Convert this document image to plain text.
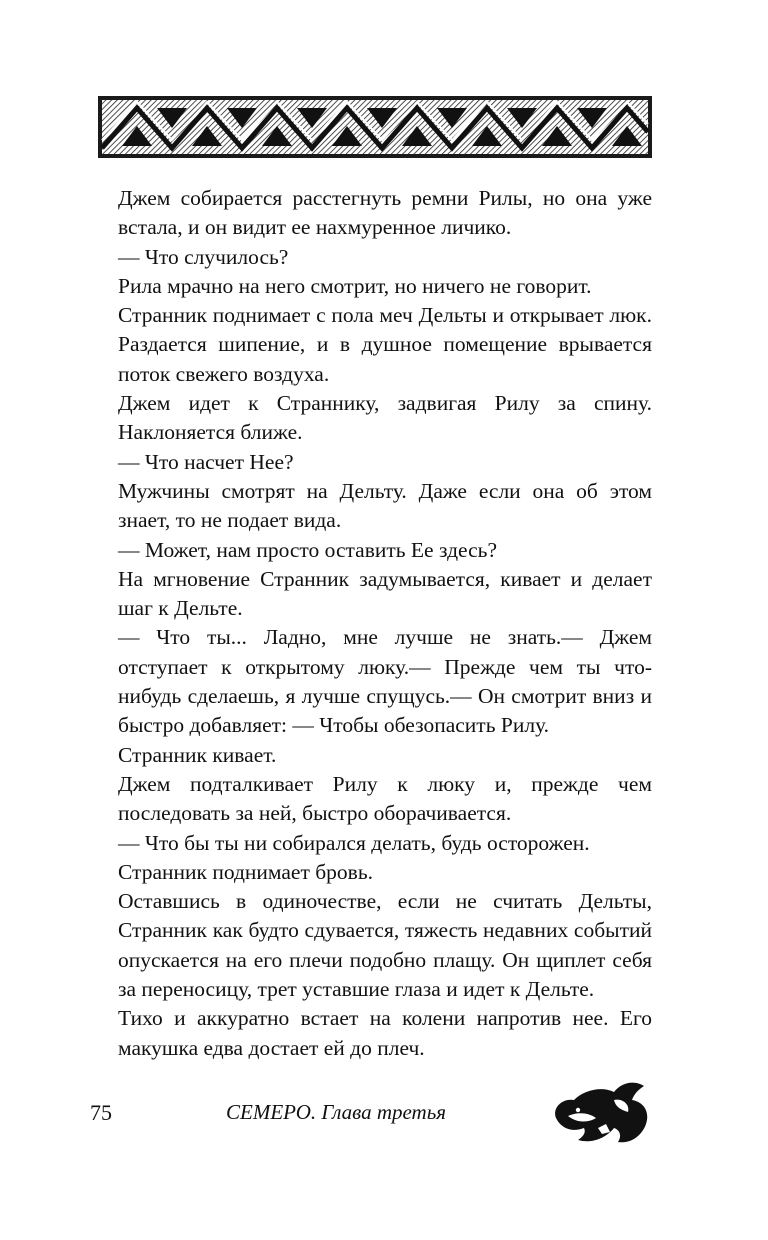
Джем собирается расстегнуть ремни Рилы, но она уже встала, и он видит ее нахмуренное личико.

— Что случилось?

Рила мрачно на него смотрит, но ничего не говорит.

Странник поднимает с пола меч Дельты и открывает люк. Раздается шипение, и в душное помещение врывается поток свежего воздуха.

Джем идет к Страннику, задвигая Рилу за спину. Наклоняется ближе.

— Что насчет Нее?

Мужчины смотрят на Дельту. Даже если она об этом знает, то не подает вида.

— Может, нам просто оставить Ее здесь?

На мгновение Странник задумывается, кивает и делает шаг к Дельте.

— Что ты... Ладно, мне лучше не знать.— Джем отступает к открытому люку.— Прежде чем ты что-нибудь сделаешь, я лучше спущусь.— Он смотрит вниз и быстро добавляет: — Чтобы обезопасить Рилу.

Странник кивает.

Джем подталкивает Рилу к люку и, прежде чем последовать за ней, быстро оборачивается.

— Что бы ты ни собирался делать, будь осторожен.

Странник поднимает бровь.

Оставшись в одиночестве, если не считать Дельты, Странник как будто сдувается, тяжесть недавних событий опускается на его плечи подобно плащу. Он щиплет себя за переносицу, трет уставшие глаза и идет к Дельте.

Тихо и аккуратно встает на колени напротив нее. Его макушка едва достает ей до плеч.

75	СЕМЕРО. Глава третья
